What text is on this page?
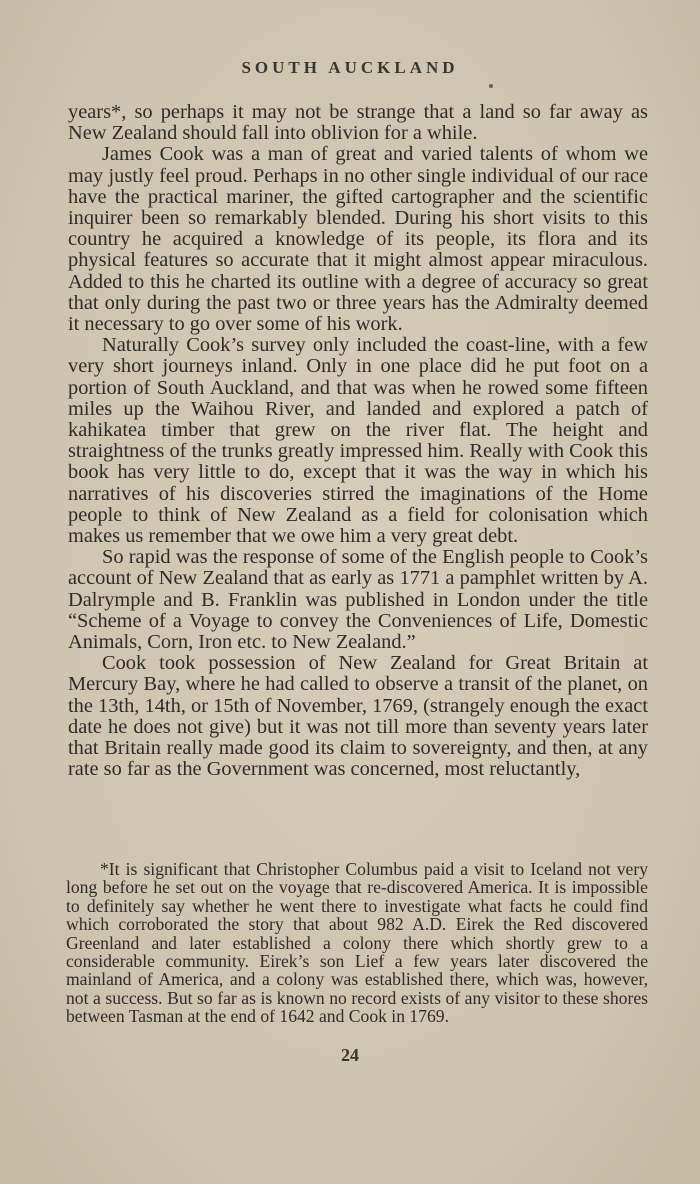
SOUTH AUCKLAND

years*, so perhaps it may not be strange that a land so far away as New Zealand should fall into oblivion for a while.

James Cook was a man of great and varied talents of whom we may justly feel proud. Perhaps in no other single individual of our race have the practical mariner, the gifted cartographer and the scientific inquirer been so remarkably blended. During his short visits to this country he acquired a knowledge of its people, its flora and its physical features so accurate that it might almost appear miraculous. Added to this he charted its outline with a degree of accuracy so great that only during the past two or three years has the Admiralty deemed it necessary to go over some of his work.

Naturally Cook’s survey only included the coast-line, with a few very short journeys inland. Only in one place did he put foot on a portion of South Auckland, and that was when he rowed some fifteen miles up the Waihou River, and landed and explored a patch of kahikatea timber that grew on the river flat. The height and straightness of the trunks greatly impressed him. Really with Cook this book has very little to do, except that it was the way in which his narratives of his discoveries stirred the imaginations of the Home people to think of New Zealand as a field for colonisation which makes us remember that we owe him a very great debt.

So rapid was the response of some of the English people to Cook’s account of New Zealand that as early as 1771 a pamphlet written by A. Dalrymple and B. Franklin was published in London under the title “Scheme of a Voyage to convey the Conveniences of Life, Domestic Animals, Corn, Iron etc. to New Zealand.”

Cook took possession of New Zealand for Great Britain at Mercury Bay, where he had called to observe a transit of the planet, on the 13th, 14th, or 15th of November, 1769, (strangely enough the exact date he does not give) but it was not till more than seventy years later that Britain really made good its claim to sovereignty, and then, at any rate so far as the Government was concerned, most reluctantly,

*It is significant that Christopher Columbus paid a visit to Iceland not very long before he set out on the voyage that re-discovered America. It is impossible to definitely say whether he went there to investigate what facts he could find which corroborated the story that about 982 A.D. Eirek the Red discovered Greenland and later established a colony there which shortly grew to a considerable community. Eirek’s son Lief a few years later discovered the mainland of America, and a colony was established there, which was, however, not a success. But so far as is known no record exists of any visitor to these shores between Tasman at the end of 1642 and Cook in 1769.

24
